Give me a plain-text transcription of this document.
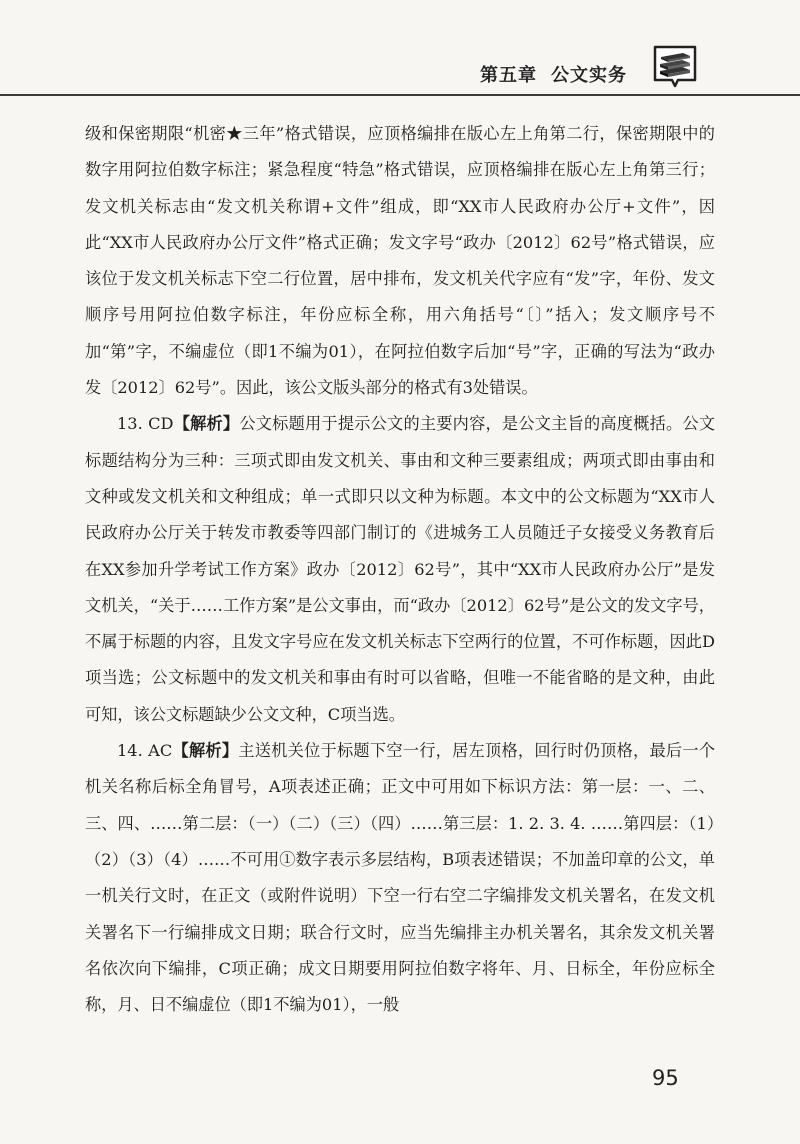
第五章 公文实务

级和保密期限“机密★三年”格式错误，应顶格编排在版心左上角第二行，保密期限中的数字用阿拉伯数字标注；紧急程度“特急”格式错误，应顶格编排在版心左上角第三行；发文机关标志由“发文机关称谓+文件”组成，即“XX市人民政府办公厅+文件”，因此“XX市人民政府办公厅文件”格式正确；发文字号“政办〔2012〕62号”格式错误，应该位于发文机关标志下空二行位置，居中排布，发文机关代字应有“发”字，年份、发文顺序号用阿拉伯数字标注，年份应标全称，用六角括号“〔〕”括入；发文顺序号不加“第”字，不编虚位（即1不编为01），在阿拉伯数字后加“号”字，正确的写法为“政办发〔2012〕62号”。因此，该公文版头部分的格式有3处错误。

13. CD【解析】公文标题用于提示公文的主要内容，是公文主旨的高度概括。公文标题结构分为三种：三项式即由发文机关、事由和文种三要素组成；两项式即由事由和文种或发文机关和文种组成；单一式即只以文种为标题。本文中的公文标题为“XX市人民政府办公厅关于转发市教委等四部门制订的《进城务工人员随迁子女接受义务教育后在XX参加升学考试工作方案》政办〔2012〕62号”，其中“XX市人民政府办公厅”是发文机关，“关于……工作方案”是公文事由，而“政办〔2012〕62号”是公文的发文字号，不属于标题的内容，且发文字号应在发文机关标志下空两行的位置，不可作标题，因此D项当选；公文标题中的发文机关和事由有时可以省略，但唯一不能省略的是文种，由此可知，该公文标题缺少公文文种，C项当选。

14. AC【解析】主送机关位于标题下空一行，居左顶格，回行时仍顶格，最后一个机关名称后标全角冒号，A项表述正确；正文中可用如下标识方法：第一层：一、二、三、四、……第二层：（一）（二）（三）（四）……第三层：1. 2. 3. 4. ……第四层：（1）（2）（3）（4）……不可用①数字表示多层结构，B项表述错误；不加盖印章的公文，单一机关行文时，在正文（或附件说明）下空一行右空二字编排发文机关署名，在发文机关署名下一行编排成文日期；联合行文时，应当先编排主办机关署名，其余发文机关署名依次向下编排，C项正确；成文日期要用阿拉伯数字将年、月、日标全，年份应标全称，月、日不编虚位（即1不编为01），一般

95
